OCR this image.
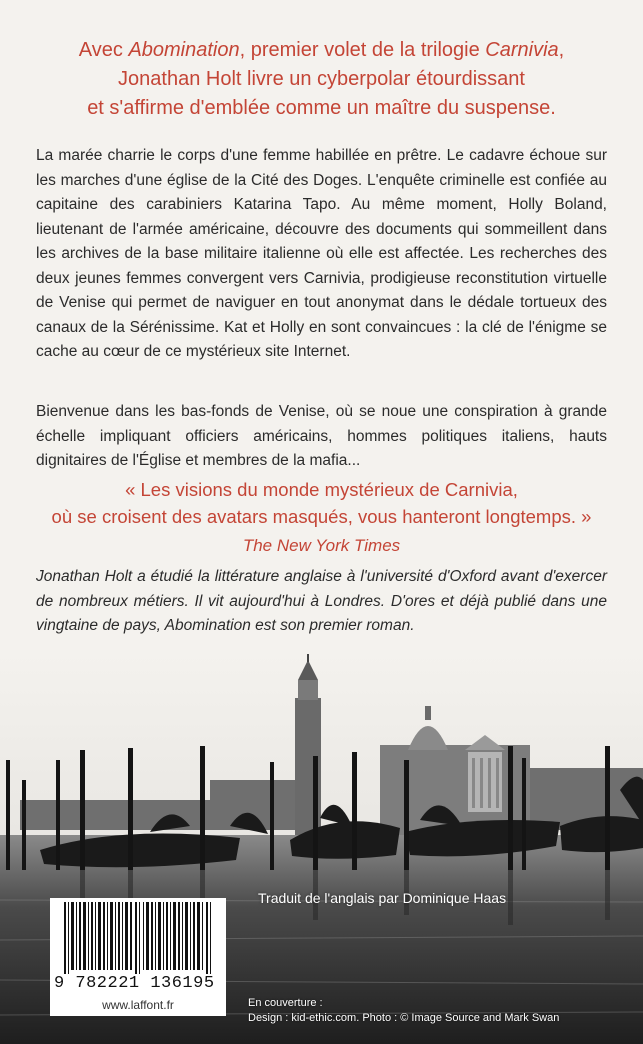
Avec Abomination, premier volet de la trilogie Carnivia,
Jonathan Holt livre un cyberpolar étourdissant
et s'affirme d'emblée comme un maître du suspense.

La marée charrie le corps d'une femme habillée en prêtre. Le cadavre échoue sur les marches d'une église de la Cité des Doges. L'enquête criminelle est confiée au capitaine des carabiniers Katarina Tapo. Au même moment, Holly Boland, lieutenant de l'armée américaine, découvre des documents qui sommeillent dans les archives de la base militaire italienne où elle est affectée. Les recherches des deux jeunes femmes convergent vers Carnivia, prodigieuse reconstitution virtuelle de Venise qui permet de naviguer en tout anonymat dans le dédale tortueux des canaux de la Sérénissime. Kat et Holly en sont convaincues : la clé de l'énigme se cache au cœur de ce mystérieux site Internet.

Bienvenue dans les bas-fonds de Venise, où se noue une conspiration à grande échelle impliquant officiers américains, hommes politiques italiens, hauts dignitaires de l'Église et membres de la mafia...

« Les visions du monde mystérieux de Carnivia,
où se croisent des avatars masqués, vous hanteront longtemps. »
The New York Times

Jonathan Holt a étudié la littérature anglaise à l'université d'Oxford avant d'exercer de nombreux métiers. Il vit aujourd'hui à Londres. D'ores et déjà publié dans une vingtaine de pays, Abomination est son premier roman.

Traduit de l'anglais par Dominique Haas
9 782221 136195
www.laffont.fr	En couverture :
Design : kid-ethic.com. Photo : © Image Source and Mark Swan
